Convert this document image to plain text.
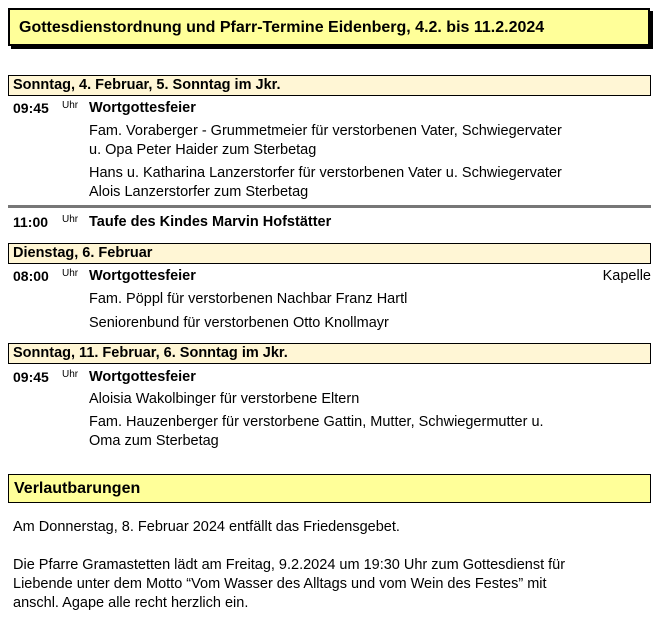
Gottesdienstordnung und Pfarr-Termine Eidenberg, 4.2. bis 11.2.2024
Sonntag, 4. Februar, 5. Sonntag im Jkr.
09:45 Uhr Wortgottesfeier
Fam. Voraberger - Grummetmeier für verstorbenen Vater, Schwiegervater
u. Opa Peter Haider zum Sterbetag
Hans u. Katharina Lanzerstorfer für verstorbenen Vater u. Schwiegervater
Alois Lanzerstorfer zum Sterbetag
11:00 Uhr Taufe des Kindes Marvin Hofstätter
Dienstag, 6. Februar
08:00 Uhr Wortgottesfeier	Kapelle
Fam. Pöppl für verstorbenen Nachbar Franz Hartl
Seniorenbund für verstorbenen Otto Knollmayr
Sonntag, 11. Februar, 6. Sonntag im Jkr.
09:45 Uhr Wortgottesfeier
Aloisia Wakolbinger für verstorbene Eltern
Fam. Hauzenberger für verstorbene Gattin, Mutter, Schwiegermutter u.
Oma zum Sterbetag
Verlautbarungen
Am Donnerstag, 8. Februar 2024 entfällt das Friedensgebet.
Die Pfarre Gramastetten lädt am Freitag, 9.2.2024 um 19:30 Uhr zum Gottesdienst für
Liebende unter dem Motto “Vom Wasser des Alltags und vom Wein des Festes” mit
anschl. Agape alle recht herzlich ein.
